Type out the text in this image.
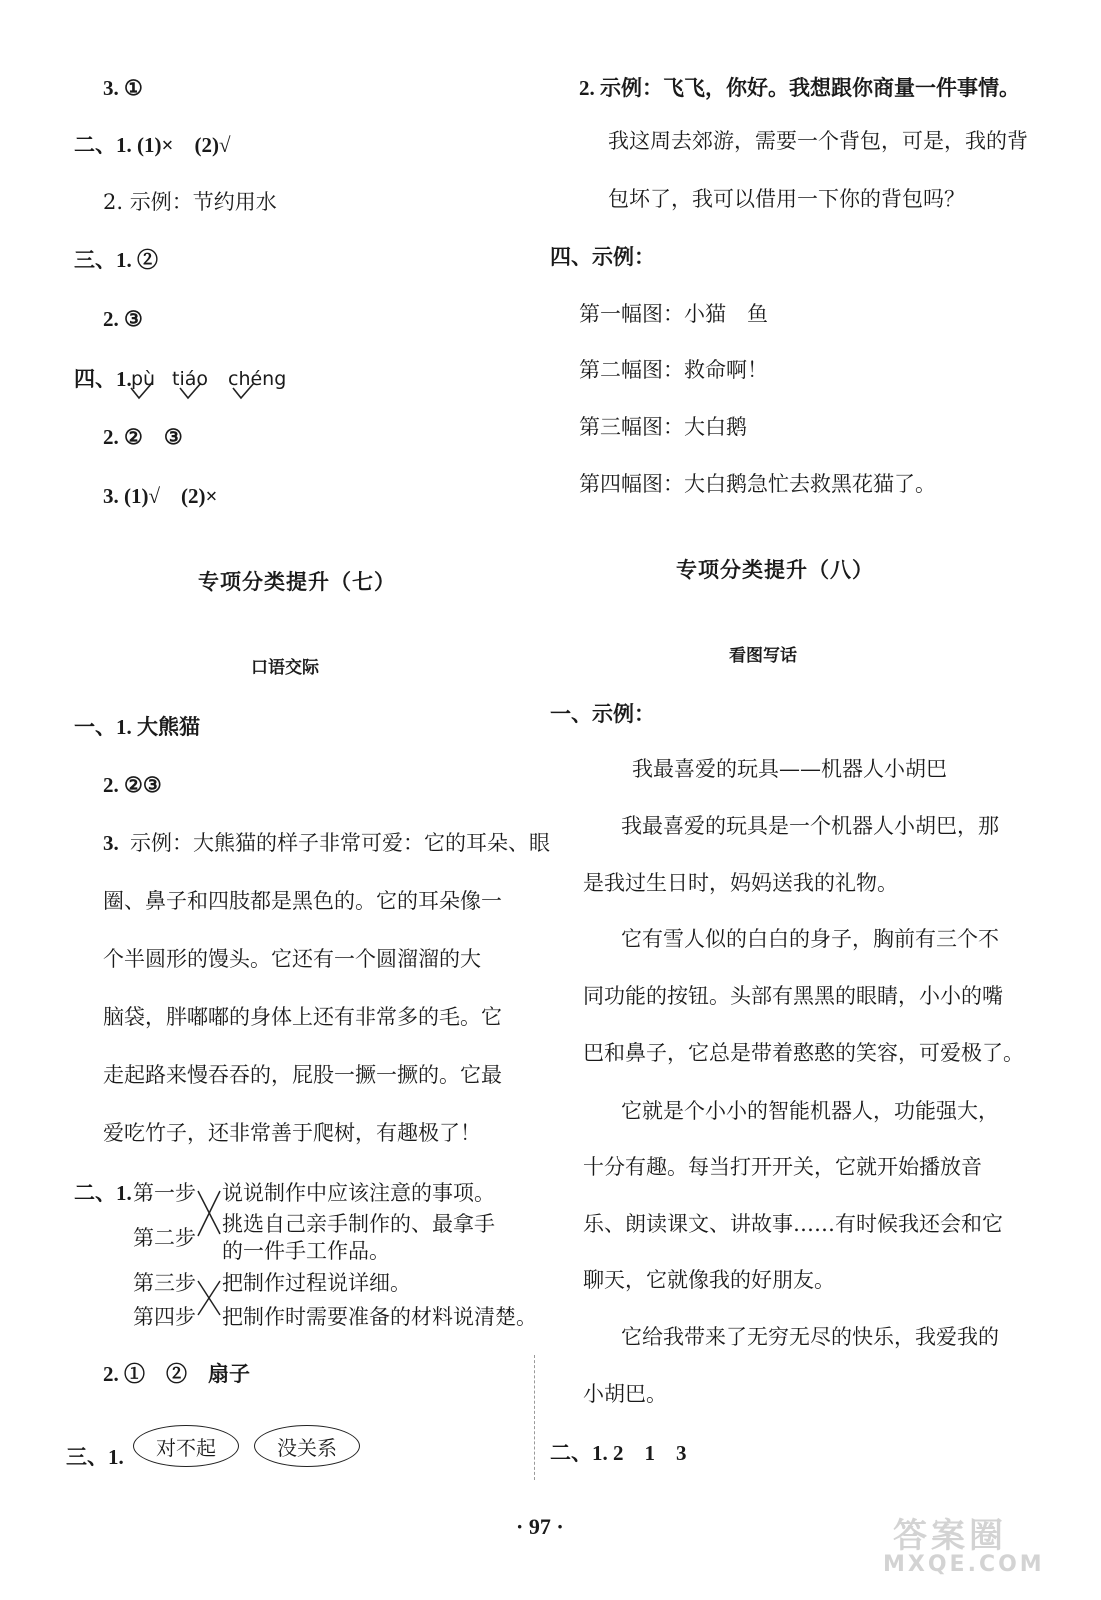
3. ①
二、1. (1)×　(2)√
2. 示例：节约用水
三、1. ②
2. ③
四、1. pù tiáo chéng
2. ②　③
3. (1)√　(2)×
专项分类提升（七）
口语交际
一、1. 大熊猫
2. ②③
3. 示例：大熊猫的样子非常可爱：它的耳朵、眼
圈、鼻子和四肢都是黑色的。它的耳朵像一
个半圆形的馒头。它还有一个圆溜溜的大
脑袋，胖嘟嘟的身体上还有非常多的毛。它
走起路来慢吞吞的，屁股一撅一撅的。它最
爱吃竹子，还非常善于爬树，有趣极了！
二、1. 第一步
第二步
第三步
第四步
说说制作中应该注意的事项。
挑选自己亲手制作的、最拿手
的一件手工作品。
把制作过程说详细。
把制作时需要准备的材料说清楚。
2. ①　②　扇子
三、1. 对不起	没关系
2. 示例：飞飞，你好。我想跟你商量一件事情。
我这周去郊游，需要一个背包，可是，我的背
包坏了，我可以借用一下你的背包吗？
四、示例：
第一幅图：小猫　鱼
第二幅图：救命啊！
第三幅图：大白鹅
第四幅图：大白鹅急忙去救黑花猫了。
专项分类提升（八）
看图写话
一、示例：
我最喜爱的玩具——机器人小胡巴
我最喜爱的玩具是一个机器人小胡巴，那
是我过生日时，妈妈送我的礼物。
它有雪人似的白白的身子，胸前有三个不
同功能的按钮。头部有黑黑的眼睛，小小的嘴
巴和鼻子，它总是带着憨憨的笑容，可爱极了。
它就是个小小的智能机器人，功能强大，
十分有趣。每当打开开关，它就开始播放音
乐、朗读课文、讲故事……有时候我还会和它
聊天，它就像我的好朋友。
它给我带来了无穷无尽的快乐，我爱我的
小胡巴。
二、1. 2　1　3
· 97 ·	答案圈
MXQE.COM
